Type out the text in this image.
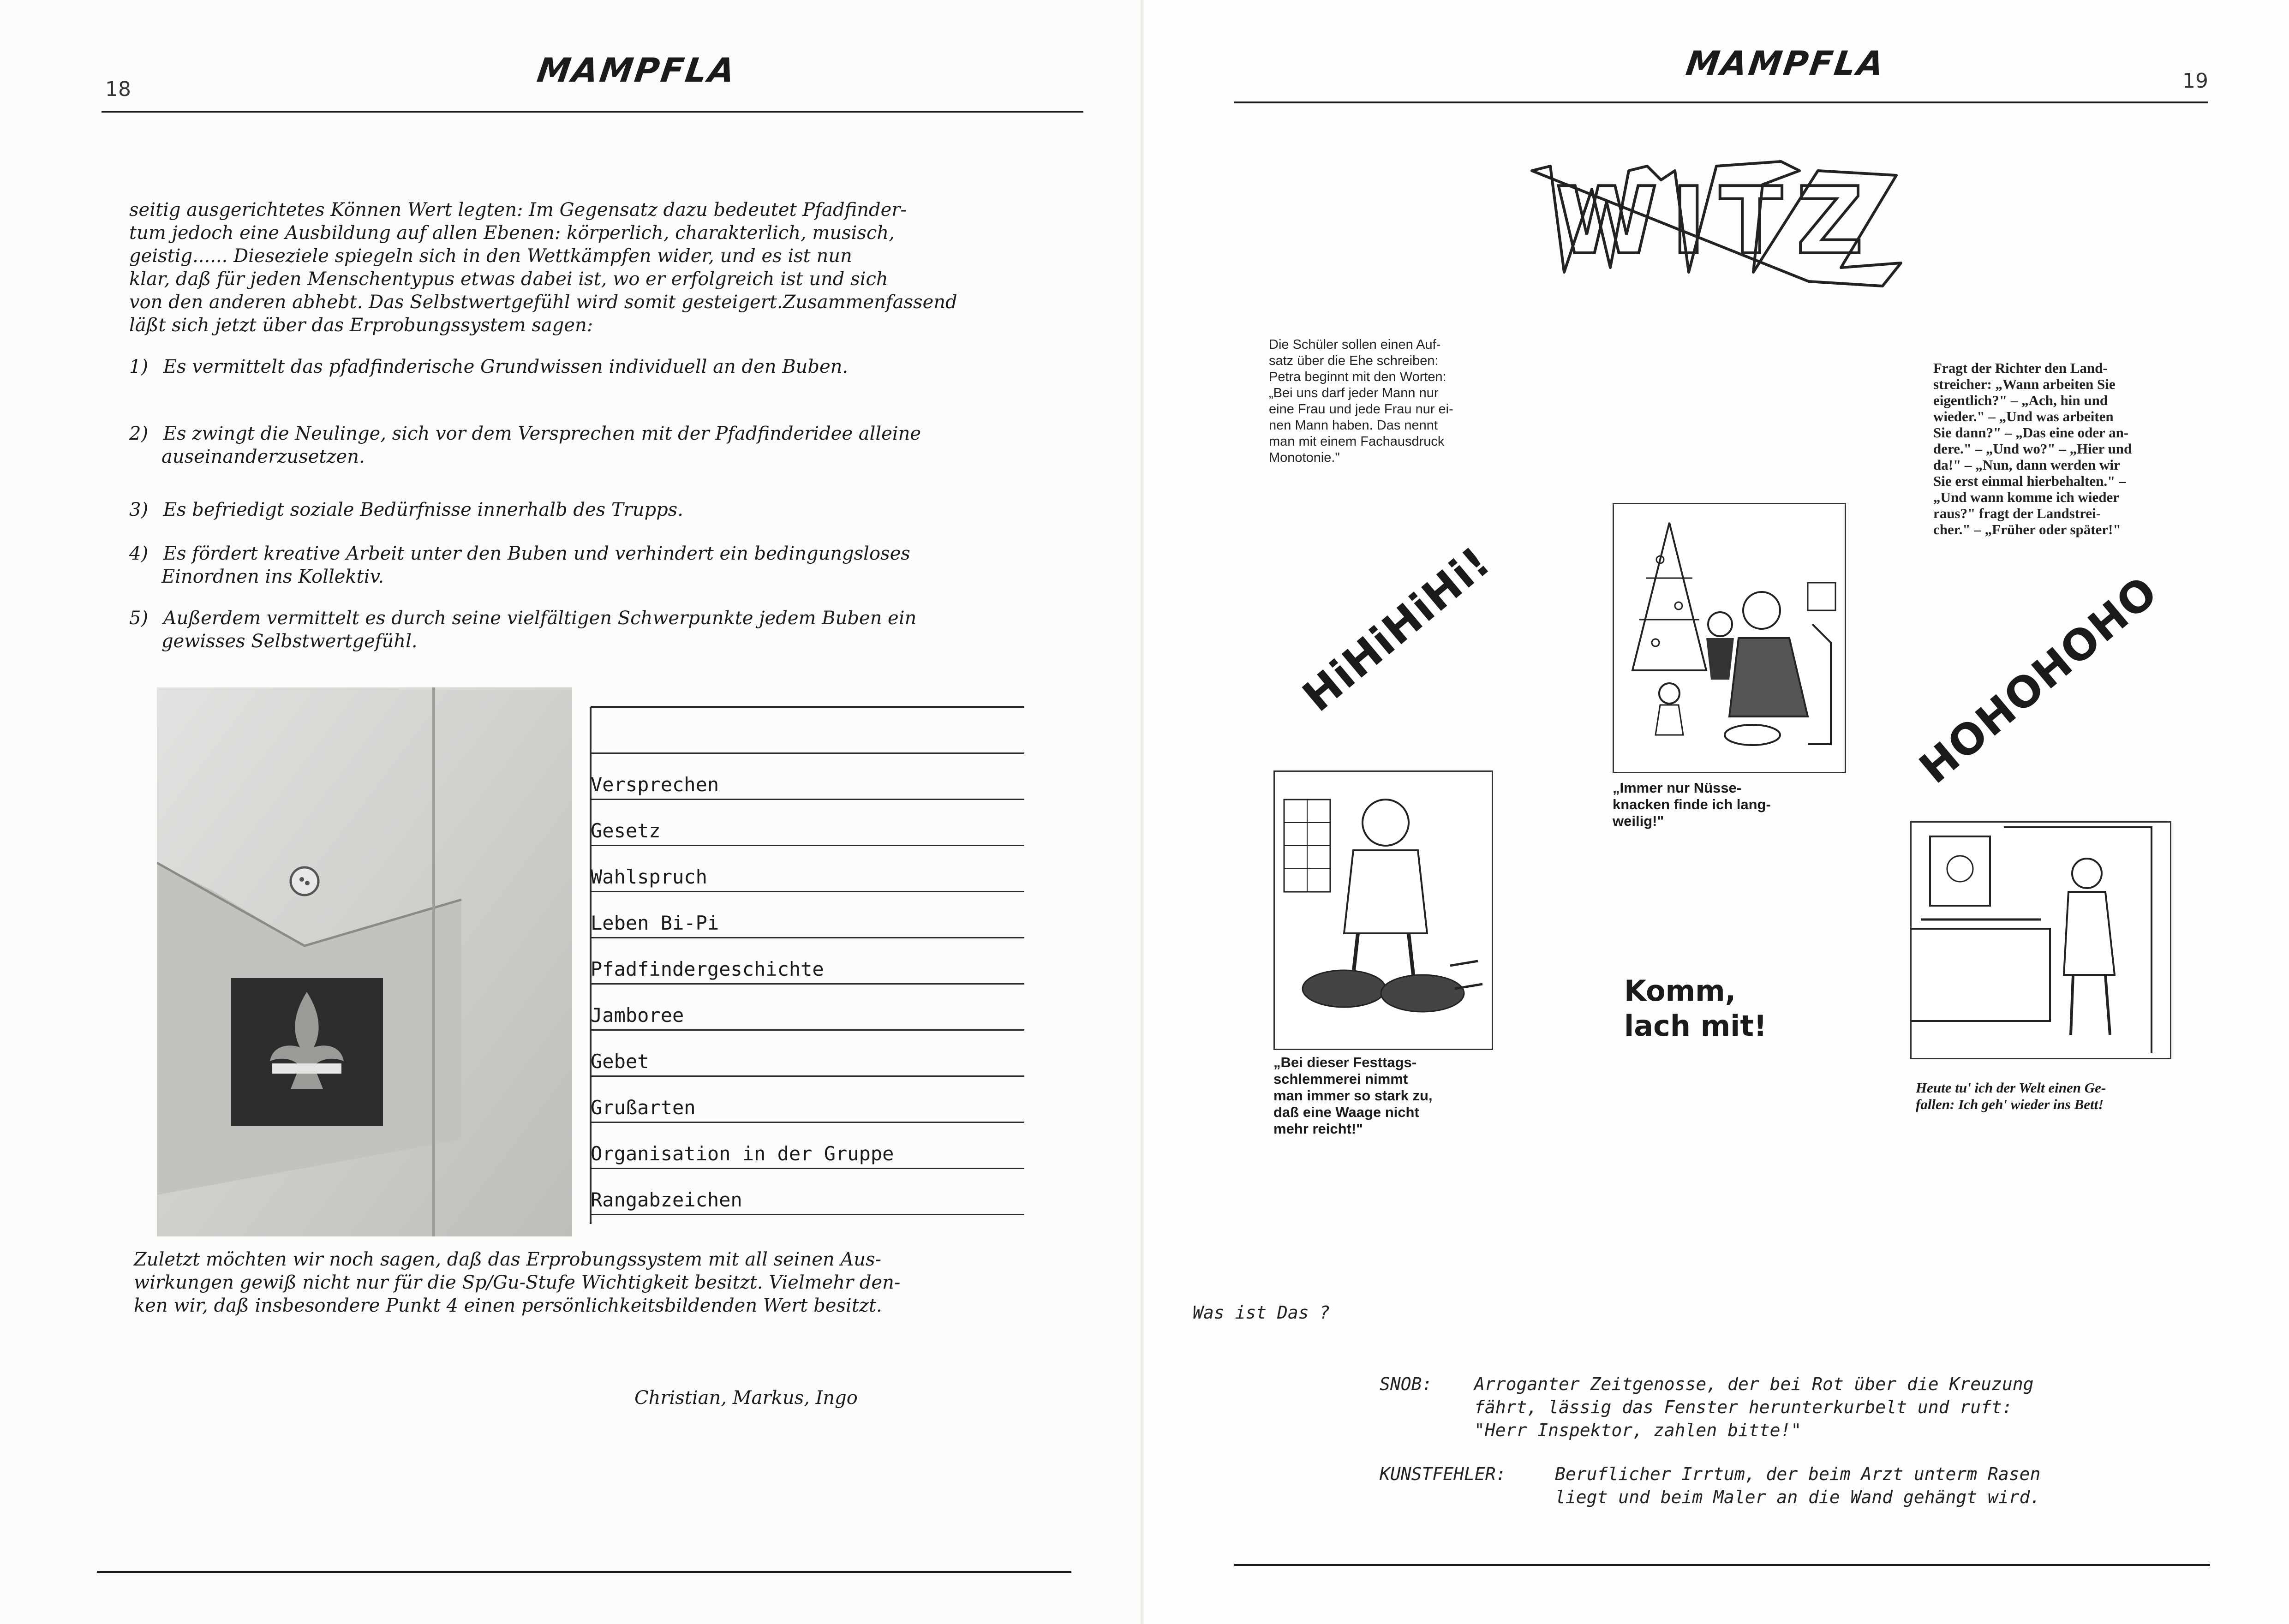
18	MAMPFLA
seitig ausgerichtetes Können Wert legten: Im Gegensatz dazu bedeutet Pfadfinder-
tum jedoch eine Ausbildung auf allen Ebenen: körperlich, charakterlich, musisch,
geistig...... Dieseziele spiegeln sich in den Wettkämpfen wider, und es ist nun
klar, daß für jeden Menschentypus etwas dabei ist, wo er erfolgreich ist und sich
von den anderen abhebt. Das Selbstwertgefühl wird somit gesteigert.Zusammenfassend
läßt sich jetzt über das Erprobungssystem sagen:
1) Es vermittelt das pfadfinderische Grundwissen individuell an den Buben.
2) Es zwingt die Neulinge, sich vor dem Versprechen mit der Pfadfinderidee alleine
auseinanderzusetzen.
3) Es befriedigt soziale Bedürfnisse innerhalb des Trupps.
4) Es fördert kreative Arbeit unter den Buben und verhindert ein bedingungsloses
Einordnen ins Kollektiv.
5) Außerdem vermittelt es durch seine vielfältigen Schwerpunkte jedem Buben ein
gewisses Selbstwertgefühl.
Versprechen
Gesetz
Wahlspruch
Leben Bi-Pi
Pfadfindergeschichte
Jamboree
Gebet
Grußarten
Organisation in der Gruppe
Rangabzeichen
Zuletzt möchten wir noch sagen, daß das Erprobungssystem mit all seinen Aus-
wirkungen gewiß nicht nur für die Sp/Gu-Stufe Wichtigkeit besitzt. Vielmehr den-
ken wir, daß insbesondere Punkt 4 einen persönlichkeitsbildenden Wert besitzt.
Christian, Markus, Ingo
MAMPFLA	19
WITZ
Die Schüler sollen einen Auf-
satz über die Ehe schreiben:
Petra beginnt mit den Worten:
„Bei uns darf jeder Mann nur
eine Frau und jede Frau nur ei-
nen Mann haben. Das nennt
man mit einem Fachausdruck
Monotonie."
Fragt der Richter den Land-
streicher: „Wann arbeiten Sie
eigentlich?" – „Ach, hin und
wieder." – „Und was arbeiten
Sie dann?" – „Das eine oder an-
dere." – „Und wo?" – „Hier und
da!" – „Nun, dann werden wir
Sie erst einmal hierbehalten." –
„Und wann komme ich wieder
raus?" fragt der Landstrei-
cher." – „Früher oder später!"
HiHiHiHi!	HOHOHOHO
„Immer nur Nüsse-
knacken finde ich lang-
weilig!"
„Bei dieser Festtags-
schlemmerei nimmt
man immer so stark zu,
daß eine Waage nicht
mehr reicht!"
Komm,
lach mit!
Heute tu' ich der Welt einen Ge-
fallen: Ich geh' wieder ins Bett!
Was ist Das ?
SNOB: Arroganter Zeitgenosse, der bei Rot über die Kreuzung
fährt, lässig das Fenster herunterkurbelt und ruft:
"Herr Inspektor, zahlen bitte!"
KUNSTFEHLER:	Beruflicher Irrtum, der beim Arzt unterm Rasen
liegt und beim Maler an die Wand gehängt wird.
